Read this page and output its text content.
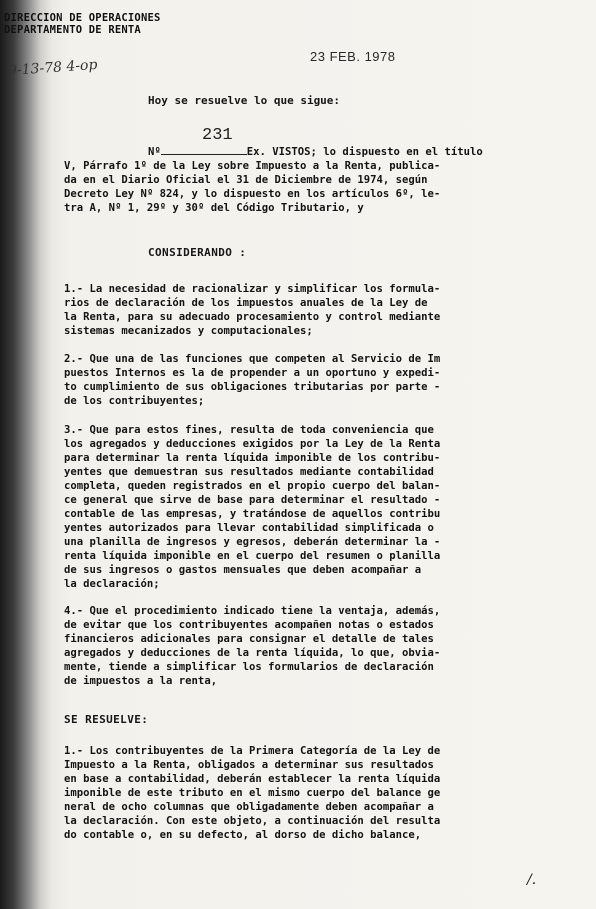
DIRECCION DE OPERACIONES
DEPARTAMENTO DE RENTA
9-13-78 4-op
23 FEB. 1978
Hoy se resuelve lo que sigue:
231
Nº	Ex. VISTOS; lo dispuesto en el título
V, Párrafo 1º de la Ley sobre Impuesto a la Renta, publica-
da en el Diario Oficial el 31 de Diciembre de 1974, según
Decreto Ley Nº 824, y lo dispuesto en los artículos 6º, le-
tra A, Nº 1, 29º y 30º del Código Tributario, y
CONSIDERANDO :
1.- La necesidad de racionalizar y simplificar los formula-
rios de declaración de los impuestos anuales de la Ley de
la Renta, para su adecuado procesamiento y control mediante
sistemas mecanizados y computacionales;
2.- Que una de las funciones que competen al Servicio de Im
puestos Internos es la de propender a un oportuno y expedi-
to cumplimiento de sus obligaciones tributarias por parte -
de los contribuyentes;
3.- Que para estos fines, resulta de toda conveniencia que
los agregados y deducciones exigidos por la Ley de la Renta
para determinar la renta líquida imponible de los contribu-
yentes que demuestran sus resultados mediante contabilidad
completa, queden registrados en el propio cuerpo del balan-
ce general que sirve de base para determinar el resultado -
contable de las empresas, y tratándose de aquellos contribu
yentes autorizados para llevar contabilidad simplificada o
una planilla de ingresos y egresos, deberán determinar la -
renta líquida imponible en el cuerpo del resumen o planilla
de sus ingresos o gastos mensuales que deben acompañar a
la declaración;
4.- Que el procedimiento indicado tiene la ventaja, además,
de evitar que los contribuyentes acompañen notas o estados
financieros adicionales para consignar el detalle de tales
agregados y deducciones de la renta líquida, lo que, obvia-
mente, tiende a simplificar los formularios de declaración
de impuestos a la renta,
SE RESUELVE:
1.- Los contribuyentes de la Primera Categoría de la Ley de
Impuesto a la Renta, obligados a determinar sus resultados
en base a contabilidad, deberán establecer la renta líquida
imponible de este tributo en el mismo cuerpo del balance ge
neral de ocho columnas que obligadamente deben acompañar a
la declaración. Con este objeto, a continuación del resulta
do contable o, en su defecto, al dorso de dicho balance,
/.
